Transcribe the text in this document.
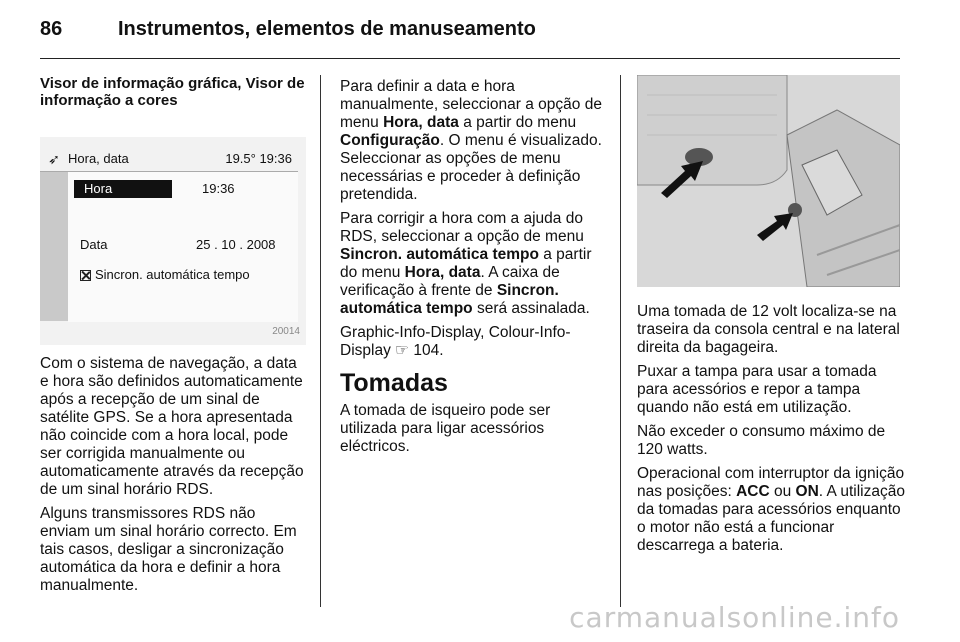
86	Instrumentos, elementos de manuseamento
Visor de informação gráfica, Visor de informação a cores
➶ Hora, data	19.5° 19:36
Hora	19:36
Data	25 . 10 . 2008
Sincron. automática tempo
20014

Com o sistema de navegação, a data e hora são definidos automaticamente após a recepção de um sinal de satélite GPS. Se a hora apresentada não coincide com a hora local, pode ser corrigida manualmente ou automaticamente através da recepção de um sinal horário RDS.

Alguns transmissores RDS não enviam um sinal horário correcto. Em tais casos, desligar a sincronização automática da hora e definir a hora manualmente.

Para definir a data e hora manualmente, seleccionar a opção de menu Hora, data a partir do menu Configuração. O menu é visualizado. Seleccionar as opções de menu necessárias e proceder à definição pretendida.

Para corrigir a hora com a ajuda do RDS, seleccionar a opção de menu Sincron. automática tempo a partir do menu Hora, data. A caixa de verificação à frente de Sincron. automática tempo será assinalada.

Graphic-Info-Display, Colour-Info-Display ☞ 104.

Tomadas

A tomada de isqueiro pode ser utilizada para ligar acessórios eléctricos.

Uma tomada de 12 volt localiza-se na traseira da consola central e na lateral direita da bagageira.

Puxar a tampa para usar a tomada para acessórios e repor a tampa quando não está em utilização.

Não exceder o consumo máximo de 120 watts.

Operacional com interruptor da ignição nas posições: ACC ou ON. A utilização da tomadas para acessórios enquanto o motor não está a funcionar descarrega a bateria.

carmanualsonline.info
